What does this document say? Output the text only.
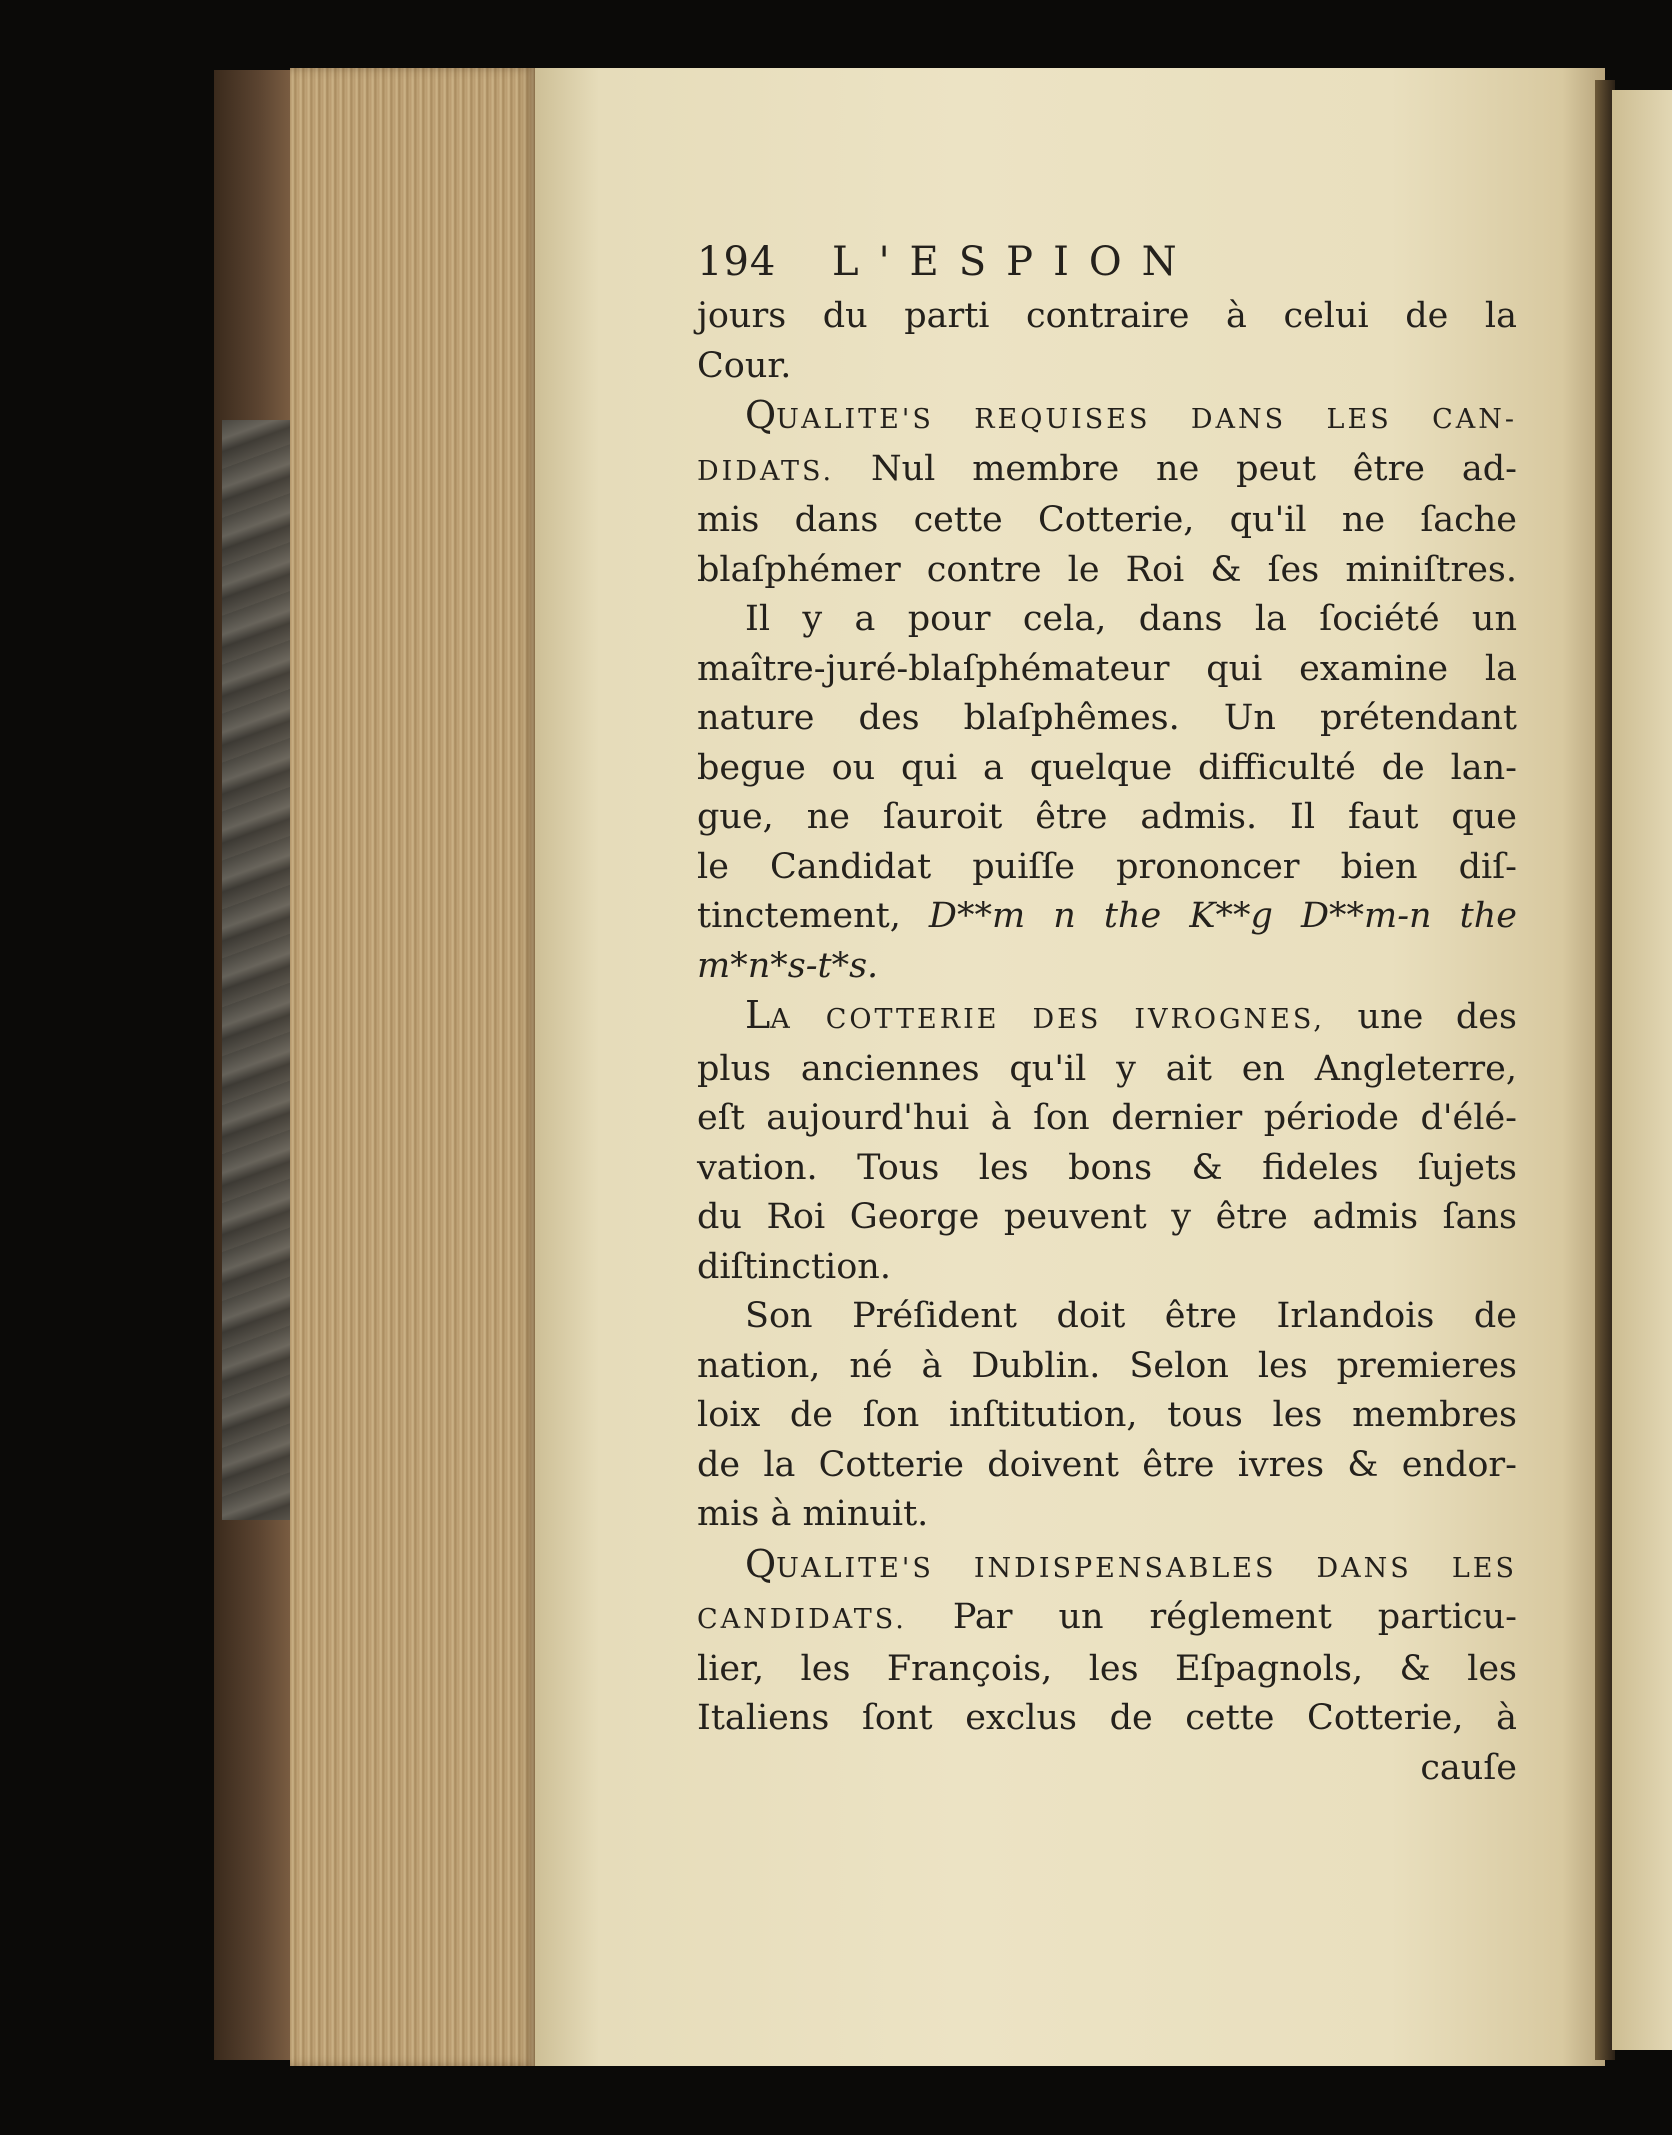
194	L'ESPION
jours du parti contraire à celui de la
Cour.
QUALITE'S REQUISES DANS LES CAN-
DIDATS. Nul membre ne peut être ad-
mis dans cette Cotterie, qu'il ne ſache
blaſphémer contre le Roi & ſes miniſtres.
Il y a pour cela, dans la ſociété un
maître-juré-blaſphémateur qui examine la
nature des blaſphêmes. Un prétendant
begue ou qui a quelque difficulté de lan-
gue, ne ſauroit être admis. Il faut que
le Candidat puiſſe prononcer bien diſ-
tinctement, D**m n the K**g D**m-n the
m*n*s-t*s.
LA COTTERIE DES IVROGNES, une des
plus anciennes qu'il y ait en Angleterre,
eſt aujourd'hui à ſon dernier période d'élé-
vation. Tous les bons & fideles ſujets
du Roi George peuvent y être admis ſans
diſtinction.
Son Préſident doit être Irlandois de
nation, né à Dublin. Selon les premieres
loix de ſon inſtitution, tous les membres
de la Cotterie doivent être ivres & endor-
mis à minuit.
QUALITE'S INDISPENSABLES DANS LES
CANDIDATS. Par un réglement particu-
lier, les François, les Eſpagnols, & les
Italiens ſont exclus de cette Cotterie, à
cauſe
